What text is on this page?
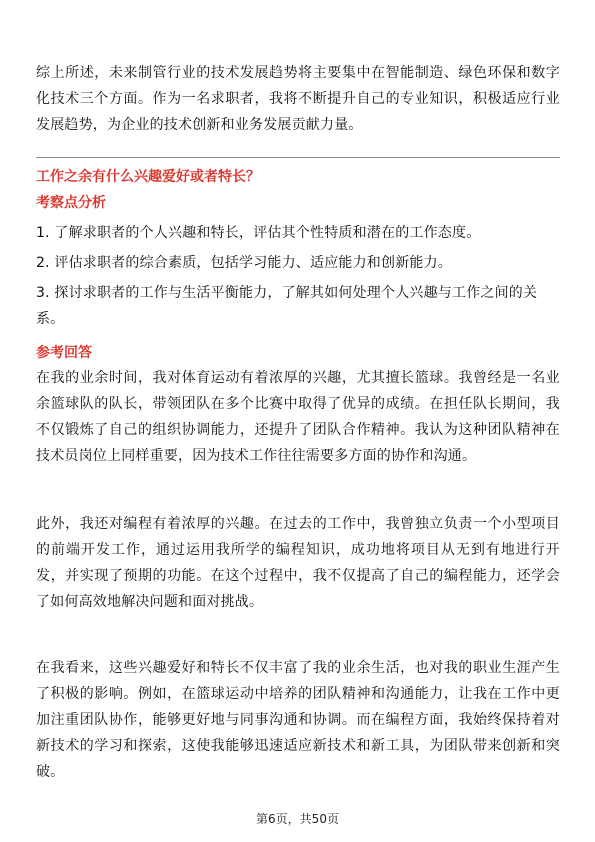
综上所述，未来制管行业的技术发展趋势将主要集中在智能制造、绿色环保和数字化技术三个方面。作为一名求职者，我将不断提升自己的专业知识，积极适应行业发展趋势，为企业的技术创新和业务发展贡献力量。

工作之余有什么兴趣爱好或者特长？

考察点分析

1. 了解求职者的个人兴趣和特长，评估其个性特质和潜在的工作态度。

2. 评估求职者的综合素质，包括学习能力、适应能力和创新能力。

3. 探讨求职者的工作与生活平衡能力，了解其如何处理个人兴趣与工作之间的关系。

参考回答

在我的业余时间，我对体育运动有着浓厚的兴趣，尤其擅长篮球。我曾经是一名业余篮球队的队长，带领团队在多个比赛中取得了优异的成绩。在担任队长期间，我不仅锻炼了自己的组织协调能力，还提升了团队合作精神。我认为这种团队精神在技术员岗位上同样重要，因为技术工作往往需要多方面的协作和沟通。

此外，我还对编程有着浓厚的兴趣。在过去的工作中，我曾独立负责一个小型项目的前端开发工作，通过运用我所学的编程知识，成功地将项目从无到有地进行开发，并实现了预期的功能。在这个过程中，我不仅提高了自己的编程能力，还学会了如何高效地解决问题和面对挑战。

在我看来，这些兴趣爱好和特长不仅丰富了我的业余生活，也对我的职业生涯产生了积极的影响。例如，在篮球运动中培养的团队精神和沟通能力，让我在工作中更加注重团队协作，能够更好地与同事沟通和协调。而在编程方面，我始终保持着对新技术的学习和探索，这使我能够迅速适应新技术和新工具，为团队带来创新和突破。

第6页，共50页
